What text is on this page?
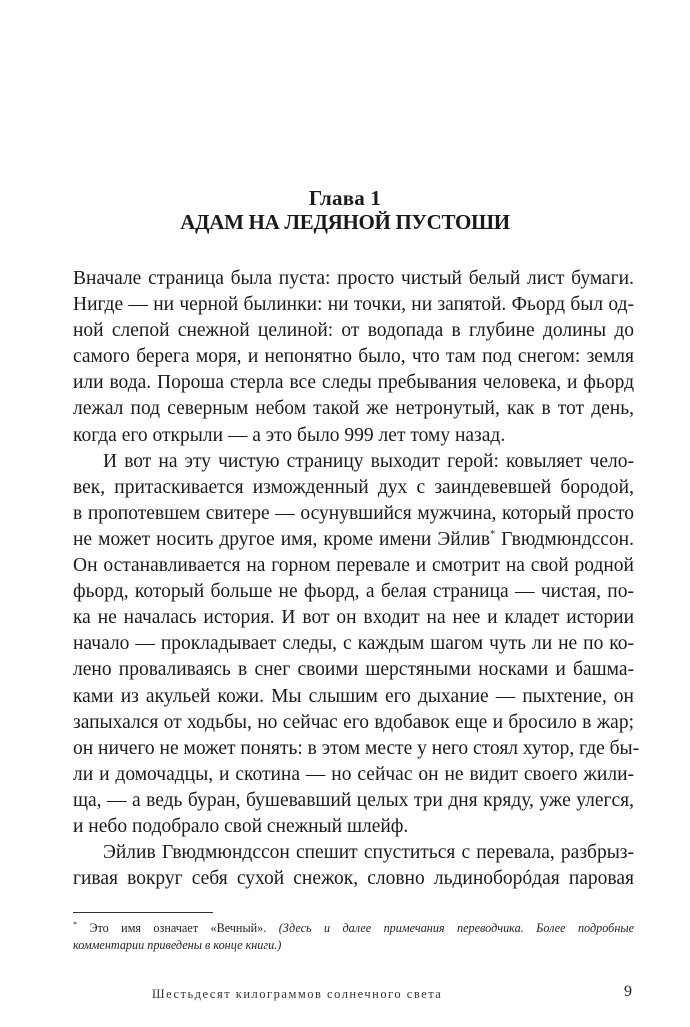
Глава 1
АДАМ НА ЛЕДЯНОЙ ПУСТОШИ
Вначале страница была пуста: просто чистый белый лист бумаги.
Нигде — ни черной былинки: ни точки, ни запятой. Фьорд был од-
ной слепой снежной целиной: от водопада в глубине долины до
самого берега моря, и непонятно было, что там под снегом: земля
или вода. Пороша стерла все следы пребывания человека, и фьорд
лежал под северным небом такой же нетронутый, как в тот день,
когда его открыли — а это было 999 лет тому назад.
И вот на эту чистую страницу выходит герой: ковыляет чело-
век, притаскивается изможденный дух с заиндевевшей бородой,
в пропотевшем свитере — осунувшийся мужчина, который просто
не может носить другое имя, кроме имени Эйлив* Гвюдмюндссон.
Он останавливается на горном перевале и смотрит на свой родной
фьорд, который больше не фьорд, а белая страница — чистая, по-
ка не началась история. И вот он входит на нее и кладет истории
начало — прокладывает следы, с каждым шагом чуть ли не по ко-
лено проваливаясь в снег своими шерстяными носками и башма-
ками из акульей кожи. Мы слышим его дыхание — пыхтение, он
запыхался от ходьбы, но сейчас его вдобавок еще и бросило в жар;
он ничего не может понять: в этом месте у него стоял хутор, где бы-
ли и домочадцы, и скотина — но сейчас он не видит своего жили-
ща, — а ведь буран, бушевавший целых три дня кряду, уже улегся,
и небо подобрало свой снежный шлейф.
Эйлив Гвюдмюндссон спешит спуститься с перевала, разбрыз-
гивая вокруг себя сухой снежок, словно льдинобoрóдая паровая
* Это имя означает «Вечный». (Здесь и далее примечания переводчика. Более подробные
комментарии приведены в конце книги.)
Шестьдесят килограммов солнечного света	9
